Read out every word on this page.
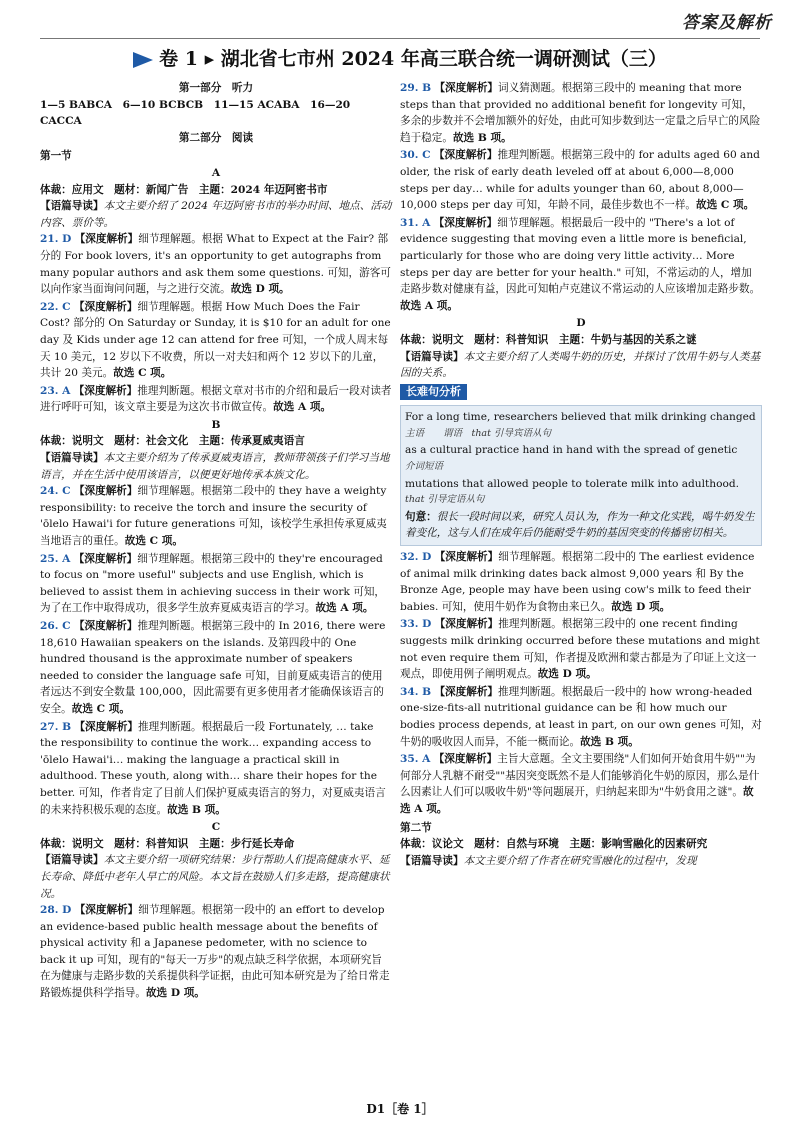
答案及解析
卷 1 ▸ 湖北省七市州 2024 年高三联合统一调研测试（三）
第一部分　听力
1—5 BABCA　6—10 BCBCB　11—15 ACABA　16—20 CACCA
第二部分　阅读
第一节
A
体裁：应用文　题材：新闻广告　主题：2024 年迈阿密书市

【语篇导读】本文主要介绍了 2024 年迈阿密书市的举办时间、地点、活动内容、票价等。

21. D 【深度解析】细节理解题。根据 What to Expect at the Fair? 部分的 For book lovers, it's an opportunity to get autographs from many popular authors and ask them some questions. 可知，游客可以向作家当面询问问题，与之进行交流。故选 D 项。

22. C 【深度解析】细节理解题。根据 How Much Does the Fair Cost? 部分的 On Saturday or Sunday, it is $10 for an adult for one day 及 Kids under age 12 can attend for free 可知，一个成人周末每天 10 美元，12 岁以下不收费，所以一对夫妇和两个 12 岁以下的儿童，共计 20 美元。故选 C 项。

23. A 【深度解析】推理判断题。根据文章对书市的介绍和最后一段对读者进行呼吁可知，该文章主要是为这次书市做宣传。故选 A 项。

B
体裁：说明文　题材：社会文化　主题：传承夏威夷语言

【语篇导读】本文主要介绍为了传承夏威夷语言，教师带领孩子们学习当地语言，并在生活中使用该语言，以便更好地传承本族文化。

24. C 【深度解析】细节理解题。根据第二段中的 they have a weighty responsibility: to receive the torch and insure the security of 'ōlelo Hawai'i for future generations 可知，该校学生承担传承夏威夷当地语言的重任。故选 C 项。

25. A 【深度解析】细节理解题。根据第三段中的 they're encouraged to focus on "more useful" subjects and use English, which is believed to assist them in achieving success in their work 可知，为了在工作中取得成功，很多学生放弃夏威夷语言的学习。故选 A 项。

26. C 【深度解析】推理判断题。根据第三段中的 In 2016, there were 18,610 Hawaiian speakers on the islands. 及第四段中的 One hundred thousand is the approximate number of speakers needed to consider the language safe 可知，目前夏威夷语言的使用者远达不到安全数量 100,000，因此需要有更多使用者才能确保该语言的安全。故选 C 项。

27. B 【深度解析】推理判断题。根据最后一段 Fortunately, … take the responsibility to continue the work… expanding access to 'ōlelo Hawai'i… making the language a practical skill in adulthood. These youth, along with… share their hopes for the better. 可知，作者肯定了目前人们保护夏威夷语言的努力，对夏威夷语言的未来持积极乐观的态度。故选 B 项。

C
体裁：说明文　题材：科普知识　主题：步行延长寿命

【语篇导读】本文主要介绍一项研究结果：步行帮助人们提高健康水平、延长寿命、降低中老年人早亡的风险。本文旨在鼓励人们多走路，提高健康状况。

28. D 【深度解析】细节理解题。根据第一段中的 an effort to develop an evidence-based public health message about the benefits of physical activity 和 a Japanese pedometer, with no science to back it up 可知，现有的"每天一万步"的观点缺乏科学依据，本项研究旨在为健康与走路步数的关系提供科学证据，由此可知本研究是为了给日常走路锻炼提供科学指导。故选 D 项。

29. B 【深度解析】词义猜测题。根据第三段中的 meaning that more steps than that provided no additional benefit for longevity 可知，多余的步数并不会增加额外的好处，由此可知步数到达一定量之后早亡的风险趋于稳定。故选 B 项。

30. C 【深度解析】推理判断题。根据第三段中的 for adults aged 60 and older, the risk of early death leveled off at about 6,000—8,000 steps per day… while for adults younger than 60, about 8,000—10,000 steps per day 可知，年龄不同，最佳步数也不一样。故选 C 项。

31. A 【深度解析】细节理解题。根据最后一段中的 "There's a lot of evidence suggesting that moving even a little more is beneficial, particularly for those who are doing very little activity… More steps per day are better for your health." 可知，不常运动的人，增加走路步数对健康有益，因此可知帕卢克建议不常运动的人应该增加走路步数。故选 A 项。

D
体裁：说明文　题材：科普知识　主题：牛奶与基因的关系之谜

【语篇导读】本文主要介绍了人类喝牛奶的历史，并探讨了饮用牛奶与人类基因的关系。

长难句分析
For a long time, researchers believed that milk drinking changed
主语　　谓语　that 引导宾语从句
as a cultural practice hand in hand with the spread of genetic
介词短语
mutations that allowed people to tolerate milk into adulthood.
that 引导定语从句
句意：很长一段时间以来，研究人员认为，作为一种文化实践，喝牛奶发生着变化，这与人们在成年后仍能耐受牛奶的基因突变的传播密切相关。

32. D 【深度解析】细节理解题。根据第二段中的 The earliest evidence of animal milk drinking dates back almost 9,000 years 和 By the Bronze Age, people may have been using cow's milk to feed their babies. 可知，使用牛奶作为食物由来已久。故选 D 项。

33. D 【深度解析】推理判断题。根据第三段中的 one recent finding suggests milk drinking occurred before these mutations and might not even require them 可知，作者提及欧洲和蒙古都是为了印证上文这一观点，即使用例子阐明观点。故选 D 项。

34. B 【深度解析】推理判断题。根据最后一段中的 how wrong-headed one-size-fits-all nutritional guidance can be 和 how much our bodies process depends, at least in part, on our own genes 可知，对牛奶的吸收因人而异，不能一概而论。故选 B 项。

35. A 【深度解析】主旨大意题。全文主要围绕"人们如何开始食用牛奶""为何部分人乳糖不耐受""基因突变既然不是人们能够消化牛奶的原因，那么是什么因素让人们可以吸收牛奶"等问题展开，归纳起来即为"牛奶食用之谜"。故选 A 项。

第二节
体裁：议论文　题材：自然与环境　主题：影响雪融化的因素研究

【语篇导读】本文主要介绍了作者在研究雪融化的过程中，发现

D1［卷 1］
